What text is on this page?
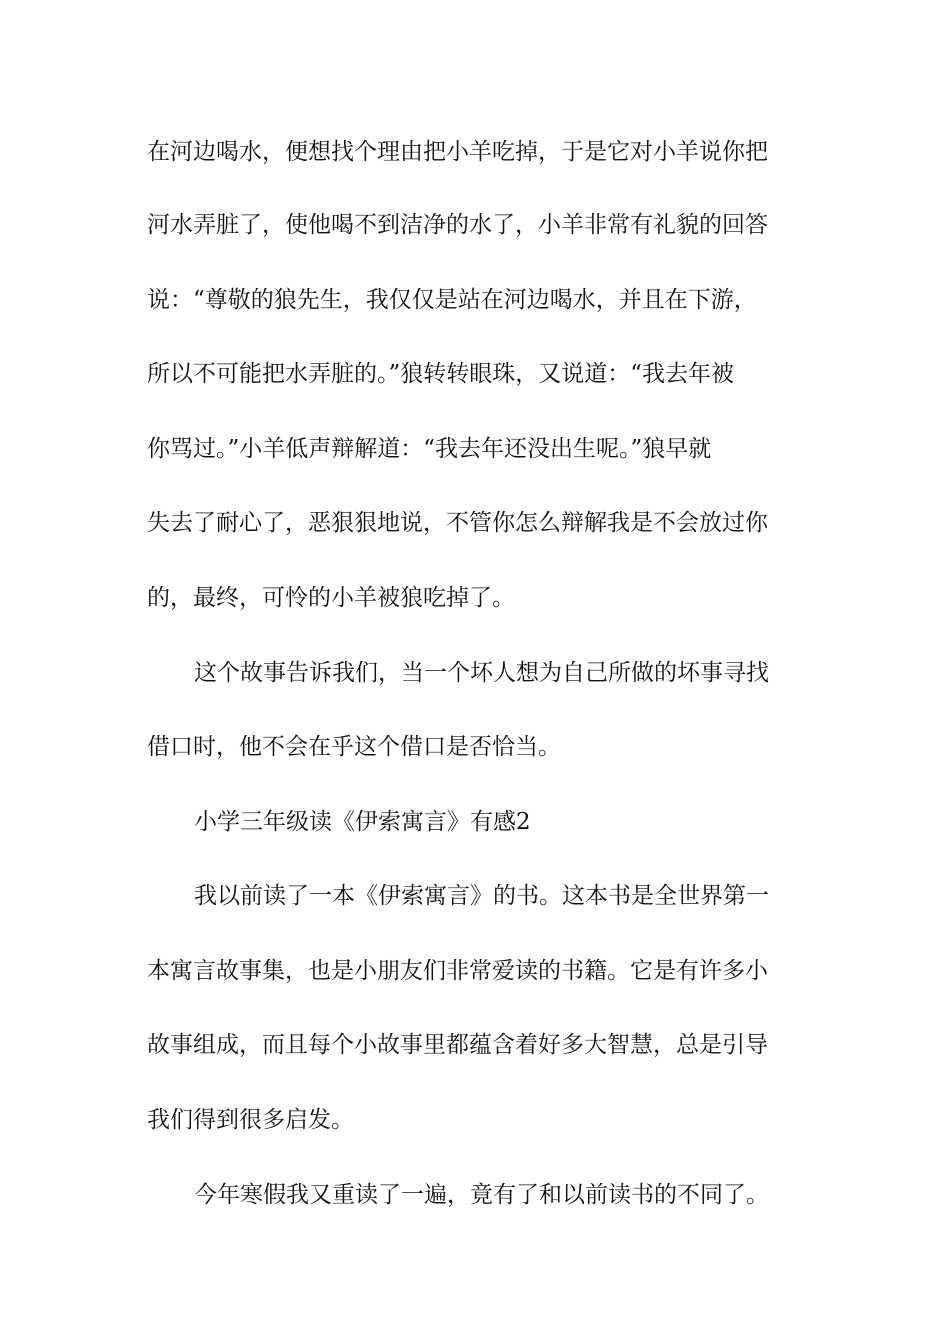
在河边喝水，便想找个理由把小羊吃掉，于是它对小羊说你把
河水弄脏了，使他喝不到洁净的水了，小羊非常有礼貌的回答
说：“尊敬的狼先生，我仅仅是站在河边喝水，并且在下游，
所以不可能把水弄脏的。”狼转转眼珠，又说道：“我去年被
你骂过。”小羊低声辩解道：“我去年还没出生呢。”狼早就
失去了耐心了，恶狠狠地说，不管你怎么辩解我是不会放过你
的，最终，可怜的小羊被狼吃掉了。
这个故事告诉我们，当一个坏人想为自己所做的坏事寻找
借口时，他不会在乎这个借口是否恰当。
小学三年级读《伊索寓言》有感2
我以前读了一本《伊索寓言》的书。这本书是全世界第一
本寓言故事集，也是小朋友们非常爱读的书籍。它是有许多小
故事组成，而且每个小故事里都蕴含着好多大智慧，总是引导
我们得到很多启发。
今年寒假我又重读了一遍，竟有了和以前读书的不同了。
